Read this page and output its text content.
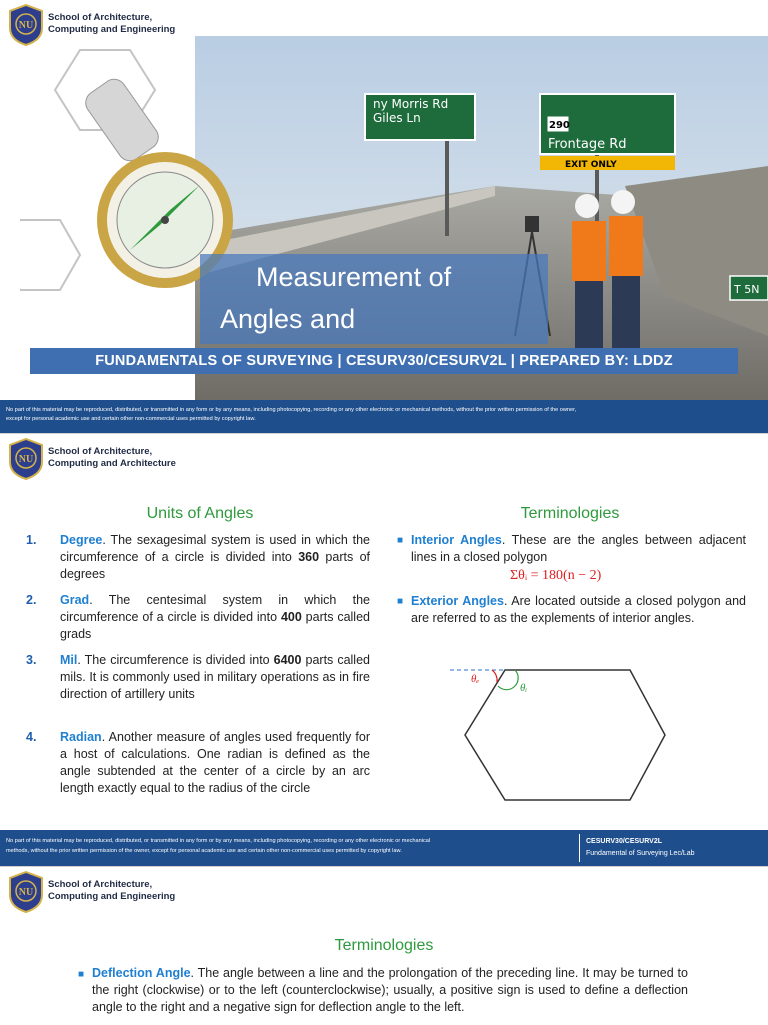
NU
School of Architecture,
Computing and Engineering
ny Morris Rd
Giles Ln
290
Frontage Rd
EXIT ONLY
T 5N
Measurement of
Angles and
FUNDAMENTALS OF SURVEYING | CESURV30/CESURV2L | PREPARED BY: LDDZ
No part of this material may be reproduced, distributed, or transmitted in any form or by any means, including photocopying, recording or any other electronic or mechanical methods, without the prior written permission of the owner,
except for personal academic use and certain other non-commercial uses permitted by copyright law.
NU
School of Architecture,
Computing and Architecture
Units of Angles	Terminologies
1. Degree. The sexagesimal system is used in which the circumference of a circle is divided into 360 parts of degrees
2. Grad. The centesimal system in which the circumference of a circle is divided into 400 parts called grads
3. Mil. The circumference is divided into 6400 parts called mils. It is commonly used in military operations as in fire direction of artillery units
4. Radian. Another measure of angles used frequently for a host of calculations. One radian is defined as the angle subtended at the center of a circle by an arc length exactly equal to the radius of the circle
■ Interior Angles. These are the angles between adjacent lines in a closed polygon
Σθᵢ = 180(n − 2)
■ Exterior Angles. Are located outside a closed polygon and are referred to as the explements of interior angles.
θₑ
θᵢ
No part of this material may be reproduced, distributed, or transmitted in any form or by any means, including photocopying, recording or any other electronic or mechanical
methods, without the prior written permission of the owner, except for personal academic use and certain other non-commercial uses permitted by copyright law.
CESURV30/CESURV2L
Fundamental of Surveying Lec/Lab
NU
School of Architecture,
Computing and Engineering
Terminologies
■ Deflection Angle. The angle between a line and the prolongation of the preceding line. It may be turned to the right (clockwise) or to the left (counterclockwise); usually, a positive sign is used to define a deflection angle to the right and a negative sign for deflection angle to the left.
